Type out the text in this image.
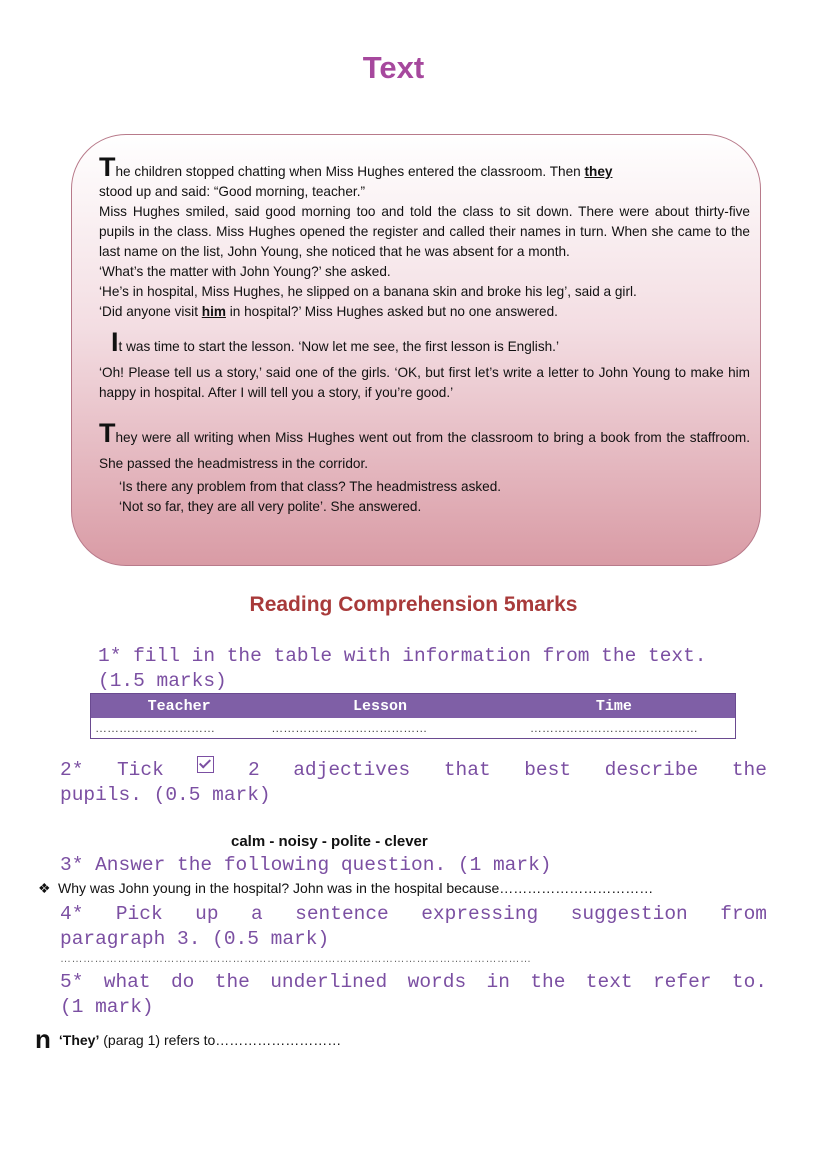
Text

The children stopped chatting when Miss Hughes entered the classroom. Then they

stood up and said: “Good morning, teacher.”

Miss Hughes smiled, said good morning too and told the class to sit down. There were about thirty-five pupils in the class. Miss Hughes opened the register and called their names in turn. When she came to the last name on the list, John Young, she noticed that he was absent for a month.

‘What’s the matter with John Young?’ she asked.

‘He’s in hospital, Miss Hughes, he slipped on a banana skin and broke his leg’, said a girl.

‘Did anyone visit him in hospital?’ Miss Hughes asked but no one answered.

It was time to start the lesson. ‘Now let me see, the first lesson is English.’

‘Oh! Please tell us a story,’ said one of the girls. ‘OK, but first let’s write a letter to John Young to make him happy in hospital. After I will tell you a story, if you’re good.’

They were all writing when Miss Hughes went out from the classroom to bring a book from the staffroom. She passed the headmistress in the corridor.

‘Is there any problem from that class? The headmistress asked.

‘Not so far, they are all very polite’. She answered.

Reading Comprehension 5marks
1* fill in the table with information from the text. (1.5 marks)
Teacher	Lesson	Time
…………………………	…………………………………	……………………………………
2* Tick	2 adjectives that best describe the
pupils. (0.5 mark)
calm - noisy - polite - clever
3* Answer the following question. (1 mark)
❖ Why was John young in the hospital? John was in the hospital because……………………………
4* Pick up a sentence expressing suggestion from
paragraph 3. (0.5 mark)
……………………………………………………………………………………………………………
5* what do the underlined words in the text refer to.
(1 mark)
n ‘They’ (parag 1) refers to………………………
